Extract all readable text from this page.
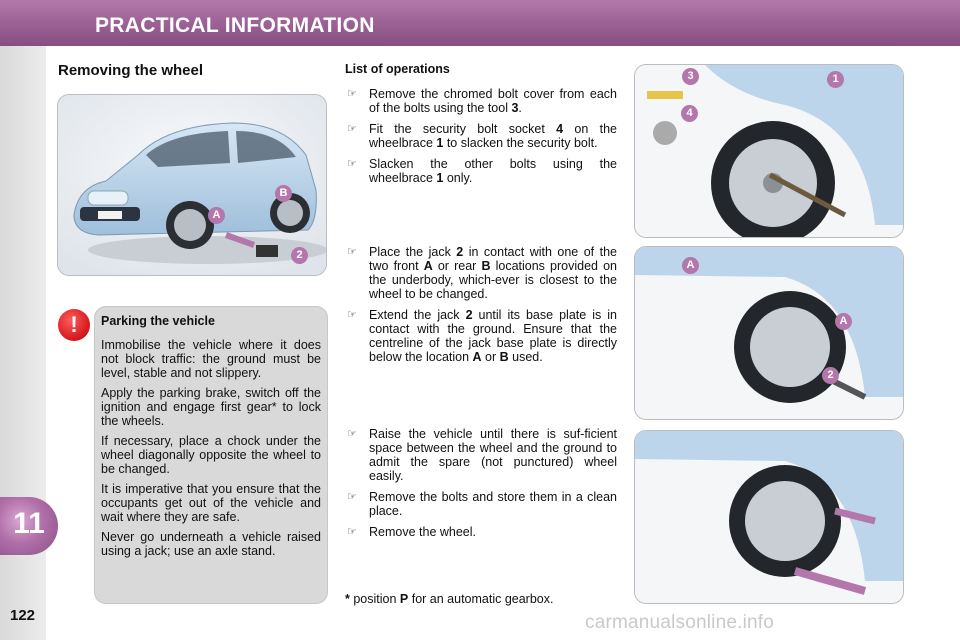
PRACTICAL INFORMATION
11
122
Removing the wheel
A
B
2
!	Parking the vehicle

Immobilise the vehicle where it does not block traffic: the ground must be level, stable and not slippery.

Apply the parking brake, switch off the ignition and engage first gear* to lock the wheels.

If necessary, place a chock under the wheel diagonally opposite the wheel to be changed.

It is imperative that you ensure that the occupants get out of the vehicle and wait where they are safe.

Never go underneath a vehicle raised using a jack; use an axle stand.

List of operations
☞ Remove the chromed bolt cover from each of the bolts using the tool 3.
☞ Fit the security bolt socket 4 on the wheelbrace 1 to slacken the security bolt.
☞ Slacken the other bolts using the wheelbrace 1 only.
☞ Place the jack 2 in contact with one of the two front A or rear B locations provided on the underbody, which-ever is closest to the wheel to be changed.
☞ Extend the jack 2 until its base plate is in contact with the ground. Ensure that the centreline of the jack base plate is directly below the location A or B used.
☞ Raise the vehicle until there is suf-ficient space between the wheel and the ground to admit the spare (not punctured) wheel easily.
☞ Remove the bolts and store them in a clean place.
☞ Remove the wheel.
3	1
4
A
A
2
* position P for an automatic gearbox.
carmanualsonline.info
